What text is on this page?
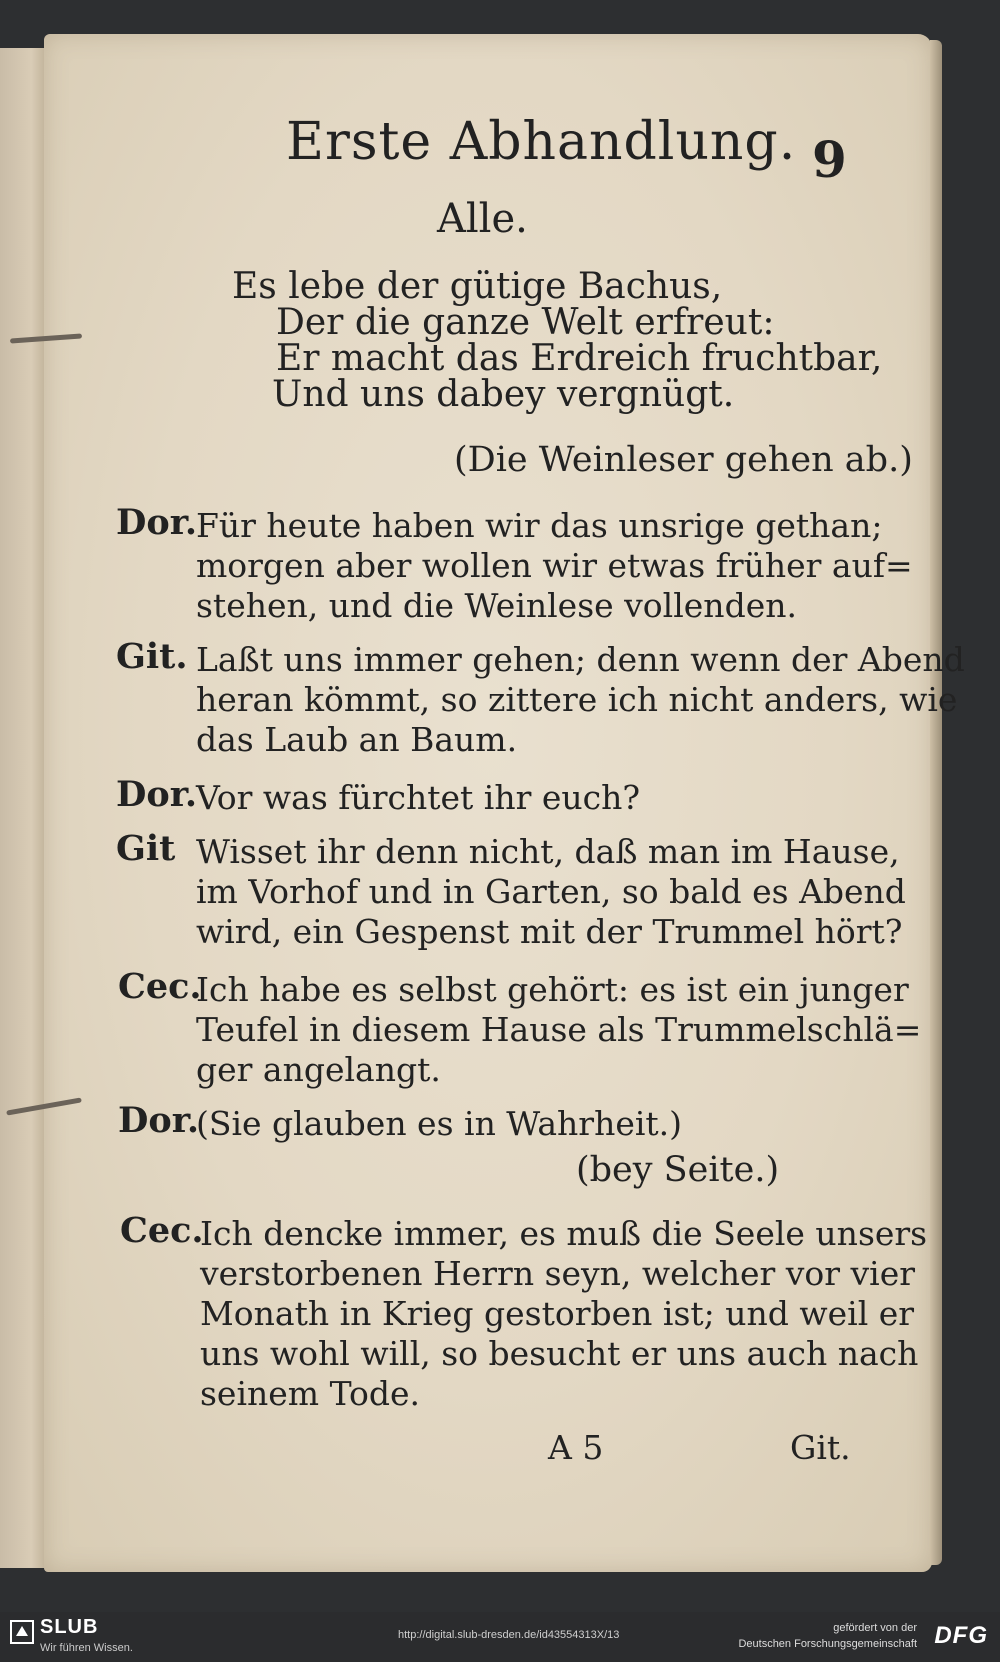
Erste Abhandlung. 9
Alle.
Es lebe der gütige Bachus,
Der die ganze Welt erfreut:
Er macht das Erdreich fruchtbar,
Und uns dabey vergnügt.
(Die Weinleser gehen ab.)
Dor.
Für heute haben wir das unsrige gethan;
morgen aber wollen wir etwas früher auf=
stehen, und die Weinlese vollenden.
Git. Laßt uns immer gehen; denn wenn der Abend
heran kömmt, so zittere ich nicht anders, wie
das Laub an Baum.
Dor.
Vor was fürchtet ihr euch?
Git Wisset ihr denn nicht, daß man im Hause,
im Vorhof und in Garten, so bald es Abend
wird, ein Gespenst mit der Trummel hört?
Cec.
Ich habe es selbst gehört: es ist ein junger
Teufel in diesem Hause als Trummelschlä=
ger angelangt.
Dor.
(Sie glauben es in Wahrheit.)
(bey Seite.)
Cec.
Ich dencke immer, es muß die Seele unsers
verstorbenen Herrn seyn, welcher vor vier
Monath in Krieg gestorben ist; und weil er
uns wohl will, so besucht er uns auch nach
seinem Tode.
A 5	Git.
SLUB
Wir führen Wissen.
http://digital.slub-dresden.de/id43554313X/13
gefördert von der
Deutschen Forschungsgemeinschaft DFG
